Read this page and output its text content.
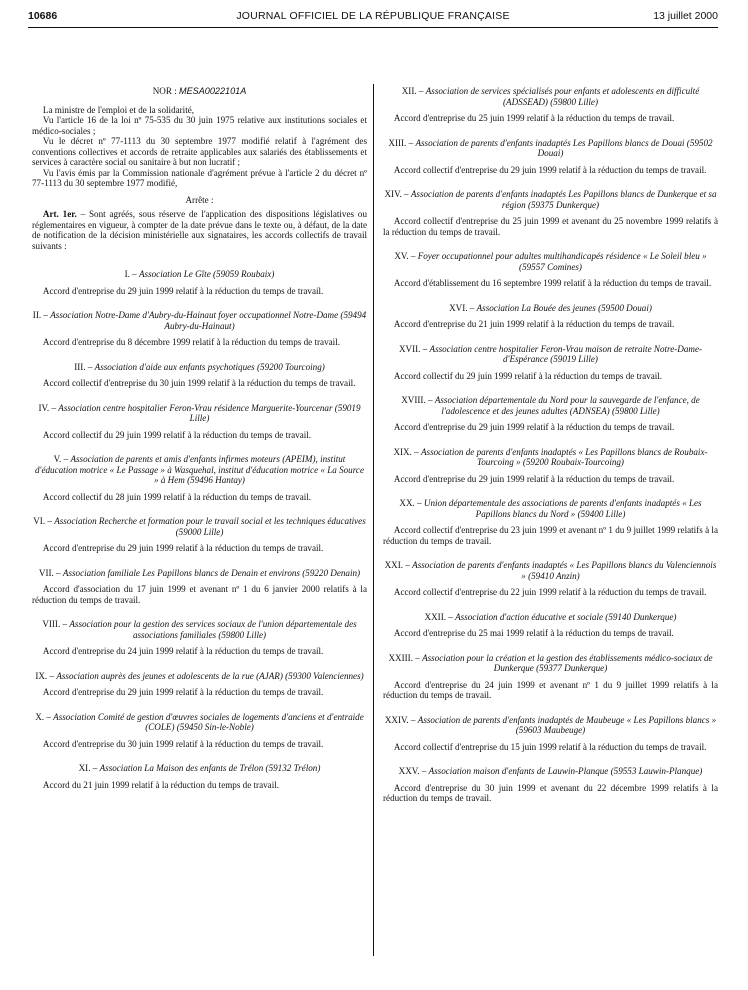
10686	JOURNAL OFFICIEL DE LA RÉPUBLIQUE FRANÇAISE	13 juillet 2000

NOR : MESA0022101A

La ministre de l'emploi et de la solidarité,

Vu l'article 16 de la loi nº 75-535 du 30 juin 1975 relative aux institutions sociales et médico-sociales ;

Vu le décret nº 77-1113 du 30 septembre 1977 modifié relatif à l'agrément des conventions collectives et accords de retraite applicables aux salariés des établissements et services à caractère social ou sanitaire à but non lucratif ;

Vu l'avis émis par la Commission nationale d'agrément prévue à l'article 2 du décret nº 77-1113 du 30 septembre 1977 modifié,

Arrête :

Art. 1er. – Sont agréés, sous réserve de l'application des dispositions législatives ou réglementaires en vigueur, à compter de la date prévue dans le texte ou, à défaut, de la date de notification de la décision ministérielle aux signataires, les accords collectifs de travail suivants :

I. – Association Le Gîte (59059 Roubaix)

Accord d'entreprise du 29 juin 1999 relatif à la réduction du temps de travail.

II. – Association Notre-Dame d'Aubry-du-Hainaut foyer occupationnel Notre-Dame (59494 Aubry-du-Hainaut)

Accord d'entreprise du 8 décembre 1999 relatif à la réduction du temps de travail.

III. – Association d'aide aux enfants psychotiques (59200 Tourcoing)

Accord collectif d'entreprise du 30 juin 1999 relatif à la réduction du temps de travail.

IV. – Association centre hospitalier Feron-Vrau résidence Marguerite-Yourcenar (59019 Lille)

Accord collectif du 29 juin 1999 relatif à la réduction du temps de travail.

V. – Association de parents et amis d'enfants infirmes moteurs (APEIM), institut d'éducation motrice « Le Passage » à Wasquehal, institut d'éducation motrice « La Source » à Hem (59496 Hantay)

Accord collectif du 28 juin 1999 relatif à la réduction du temps de travail.

VI. – Association Recherche et formation pour le travail social et les techniques éducatives (59000 Lille)

Accord d'entreprise du 29 juin 1999 relatif à la réduction du temps de travail.

VII. – Association familiale Les Papillons blancs de Denain et environs (59220 Denain)

Accord d'association du 17 juin 1999 et avenant nº 1 du 6 janvier 2000 relatifs à la réduction du temps de travail.

VIII. – Association pour la gestion des services sociaux de l'union départementale des associations familiales (59800 Lille)

Accord d'entreprise du 24 juin 1999 relatif à la réduction du temps de travail.

IX. – Association auprès des jeunes et adolescents de la rue (AJAR) (59300 Valenciennes)

Accord d'entreprise du 29 juin 1999 relatif à la réduction du temps de travail.

X. – Association Comité de gestion d'œuvres sociales de logements d'anciens et d'entraide (COLE) (59450 Sin-le-Noble)

Accord d'entreprise du 30 juin 1999 relatif à la réduction du temps de travail.

XI. – Association La Maison des enfants de Trélon (59132 Trélon)

Accord du 21 juin 1999 relatif à la réduction du temps de travail.

XII. – Association de services spécialisés pour enfants et adolescents en difficulté (ADSSEAD) (59800 Lille)

Accord d'entreprise du 25 juin 1999 relatif à la réduction du temps de travail.

XIII. – Association de parents d'enfants inadaptés Les Papillons blancs de Douai (59502 Douai)

Accord collectif d'entreprise du 29 juin 1999 relatif à la réduction du temps de travail.

XIV. – Association de parents d'enfants inadaptés Les Papillons blancs de Dunkerque et sa région (59375 Dunkerque)

Accord collectif d'entreprise du 25 juin 1999 et avenant du 25 novembre 1999 relatifs à la réduction du temps de travail.

XV. – Foyer occupationnel pour adultes multihandicapés résidence « Le Soleil bleu » (59557 Comines)

Accord d'établissement du 16 septembre 1999 relatif à la réduction du temps de travail.

XVI. – Association La Bouée des jeunes (59500 Douai)

Accord d'entreprise du 21 juin 1999 relatif à la réduction du temps de travail.

XVII. – Association centre hospitalier Feron-Vrau maison de retraite Notre-Dame-d'Espérance (59019 Lille)

Accord collectif du 29 juin 1999 relatif à la réduction du temps de travail.

XVIII. – Association départementale du Nord pour la sauvegarde de l'enfance, de l'adolescence et des jeunes adultes (ADNSEA) (59800 Lille)

Accord d'entreprise du 29 juin 1999 relatif à la réduction du temps de travail.

XIX. – Association de parents d'enfants inadaptés « Les Papillons blancs de Roubaix-Tourcoing » (59200 Roubaix-Tourcoing)

Accord d'entreprise du 29 juin 1999 relatif à la réduction du temps de travail.

XX. – Union départementale des associations de parents d'enfants inadaptés « Les Papillons blancs du Nord » (59400 Lille)

Accord collectif d'entreprise du 23 juin 1999 et avenant nº 1 du 9 juillet 1999 relatifs à la réduction du temps de travail.

XXI. – Association de parents d'enfants inadaptés « Les Papillons blancs du Valenciennois » (59410 Anzin)

Accord collectif d'entreprise du 22 juin 1999 relatif à la réduction du temps de travail.

XXII. – Association d'action éducative et sociale (59140 Dunkerque)

Accord d'entreprise du 25 mai 1999 relatif à la réduction du temps de travail.

XXIII. – Association pour la création et la gestion des établissements médico-sociaux de Dunkerque (59377 Dunkerque)

Accord d'entreprise du 24 juin 1999 et avenant nº 1 du 9 juillet 1999 relatifs à la réduction du temps de travail.

XXIV. – Association de parents d'enfants inadaptés de Maubeuge « Les Papillons blancs » (59603 Maubeuge)

Accord collectif d'entreprise du 15 juin 1999 relatif à la réduction du temps de travail.

XXV. – Association maison d'enfants de Lauwin-Planque (59553 Lauwin-Planque)

Accord d'entreprise du 30 juin 1999 et avenant du 22 décembre 1999 relatifs à la réduction du temps de travail.
